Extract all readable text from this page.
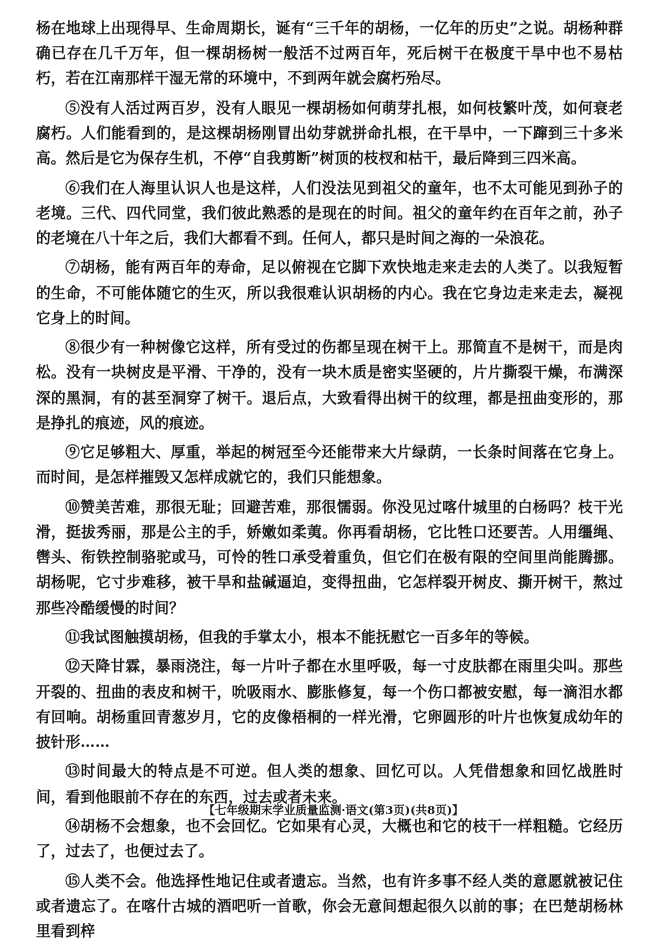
杨在地球上出现得早、生命周期长，诞有“三千年的胡杨，一亿年的历史”之说。胡杨种群确已存在几千万年，但一棵胡杨树一般活不过两百年，死后树干在极度干旱中也不易枯朽，若在江南那样干湿无常的环境中，不到两年就会腐朽殆尽。

⑤没有人活过两百岁，没有人眼见一棵胡杨如何萌芽扎根，如何枝繁叶茂，如何衰老腐朽。人们能看到的，是这棵胡杨刚冒出幼芽就拼命扎根，在干旱中，一下蹿到三十多米高。然后是它为保存生机，不停“自我剪断”树顶的枝杈和枯干，最后降到三四米高。

⑥我们在人海里认识人也是这样，人们没法见到祖父的童年，也不太可能见到孙子的老境。三代、四代同堂，我们彼此熟悉的是现在的时间。祖父的童年约在百年之前，孙子的老境在八十年之后，我们大都看不到。任何人，都只是时间之海的一朵浪花。

⑦胡杨，能有两百年的寿命，足以俯视在它脚下欢快地走来走去的人类了。以我短暂的生命，不可能体随它的生灭，所以我很难认识胡杨的内心。我在它身边走来走去，凝视它身上的时间。

⑧很少有一种树像它这样，所有受过的伤都呈现在树干上。那简直不是树干，而是肉松。没有一块树皮是平滑、干净的，没有一块木质是密实坚硬的，片片撕裂干燥，布满深深的黑洞，有的甚至洞穿了树干。退后点，大致看得出树干的纹理，都是扭曲变形的，那是挣扎的痕迹，风的痕迹。

⑨它足够粗大、厚重，举起的树冠至今还能带来大片绿荫，一长条时间落在它身上。而时间，是怎样摧毁又怎样成就它的，我们只能想象。

⑩赞美苦难，那很无耻；回避苦难，那很懦弱。你没见过喀什城里的白杨吗？枝干光滑，挺拔秀丽，那是公主的手，娇嫩如柔荑。你再看胡杨，它比牲口还要苦。人用缰绳、辔头、衔铁控制骆驼或马，可怜的牲口承受着重负，但它们在极有限的空间里尚能腾挪。胡杨呢，它寸步难移，被干旱和盐碱逼迫，变得扭曲，它怎样裂开树皮、撕开树干，熬过那些冷酷缓慢的时间？

⑪我试图触摸胡杨，但我的手掌太小，根本不能抚慰它一百多年的等候。

⑫天降甘霖，暴雨浇注，每一片叶子都在水里呼吸，每一寸皮肤都在雨里尖叫。那些开裂的、扭曲的表皮和树干，吮吸雨水、膨胀修复，每一个伤口都被安慰，每一滴泪水都有回响。胡杨重回青葱岁月，它的皮像梧桐的一样光滑，它卵圆形的叶片也恢复成幼年的披针形……

⑬时间最大的特点是不可逆。但人类的想象、回忆可以。人凭借想象和回忆战胜时间，看到他眼前不存在的东西，过去或者未来。

⑭胡杨不会想象，也不会回忆。它如果有心灵，大概也和它的枝干一样粗糙。它经历了，过去了，也便过去了。

⑮人类不会。他选择性地记住或者遗忘。当然，也有许多事不经人类的意愿就被记住或者遗忘了。在喀什古城的酒吧听一首歌，你会无意间想起很久以前的事；在巴楚胡杨林里看到梓

【七年级期末学业质量监测·语文(第3页)(共8页)】
